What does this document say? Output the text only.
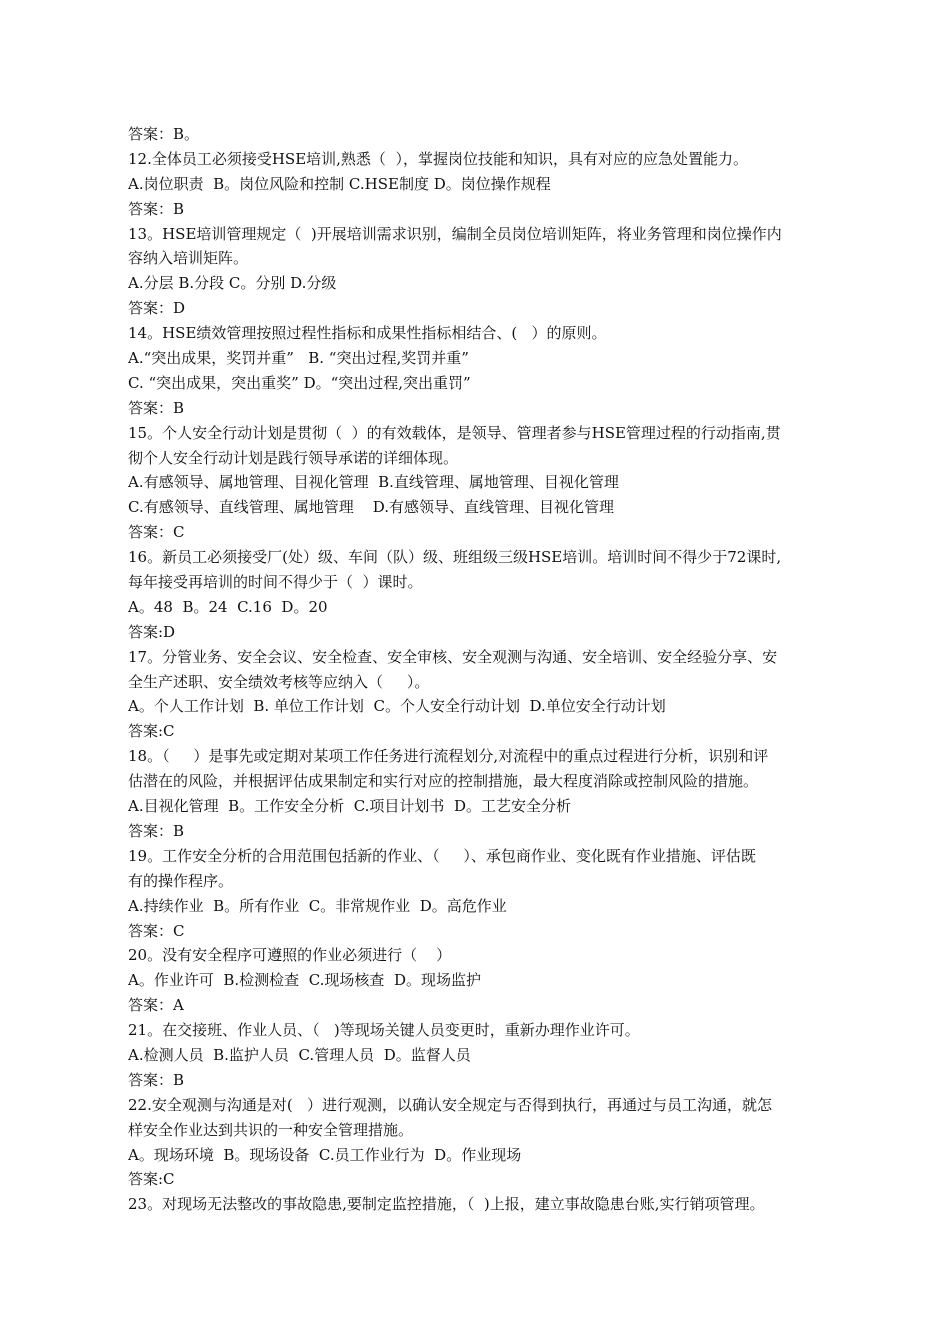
答案：B。
12.全体员工必须接受HSE培训,熟悉（  ），掌握岗位技能和知识，具有对应的应急处置能力。
A.岗位职责  B。岗位风险和控制 C.HSE制度 D。岗位操作规程
答案：B
13。HSE培训管理规定（  )开展培训需求识别，编制全员岗位培训矩阵，将业务管理和岗位操作内
容纳入培训矩阵。
A.分层 B.分段 C。分别 D.分级
答案：D
14。HSE绩效管理按照过程性指标和成果性指标相结合、(   ）的原则。
A.“突出成果，奖罚并重”   B. “突出过程,奖罚并重”
C. “突出成果，突出重奖” D。“突出过程,突出重罚”
答案：B
15。个人安全行动计划是贯彻（  ）的有效载体，是领导、管理者参与HSE管理过程的行动指南,贯
彻个人安全行动计划是践行领导承诺的详细体现。
A.有感领导、属地管理、目视化管理  B.直线管理、属地管理、目视化管理
C.有感领导、直线管理、属地管理    D.有感领导、直线管理、目视化管理
答案：C
16。新员工必须接受厂(处）级、车间（队）级、班组级三级HSE培训。培训时间不得少于72课时,
每年接受再培训的时间不得少于（  ）课时。
A。48  B。24  C.16  D。20
答案:D
17。分管业务、安全会议、安全检查、安全审核、安全观测与沟通、安全培训、安全经验分享、安
全生产述职、安全绩效考核等应纳入（     ）。
A。个人工作计划  B. 单位工作计划  C。个人安全行动计划  D.单位安全行动计划
答案:C
18。（     ）是事先或定期对某项工作任务进行流程划分,对流程中的重点过程进行分析，识别和评
估潜在的风险，并根据评估成果制定和实行对应的控制措施，最大程度消除或控制风险的措施。
A.目视化管理  B。工作安全分析  C.项目计划书  D。工艺安全分析
答案：B
19。工作安全分析的合用范围包括新的作业、（     ）、承包商作业、变化既有作业措施、评估既
有的操作程序。
A.持续作业  B。所有作业  C。非常规作业  D。高危作业
答案：C
20。没有安全程序可遵照的作业必须进行（    ）
A。作业许可  B.检测检查  C.现场核查  D。现场监护
答案：A
21。在交接班、作业人员、（   )等现场关键人员变更时，重新办理作业许可。
A.检测人员  B.监护人员  C.管理人员  D。监督人员
答案：B
22.安全观测与沟通是对(   ）进行观测，以确认安全规定与否得到执行，再通过与员工沟通，就怎
样安全作业达到共识的一种安全管理措施。
A。现场环境  B。现场设备  C.员工作业行为  D。作业现场
答案:C
23。对现场无法整改的事故隐患,要制定监控措施，（  )上报，建立事故隐患台账,实行销项管理。
